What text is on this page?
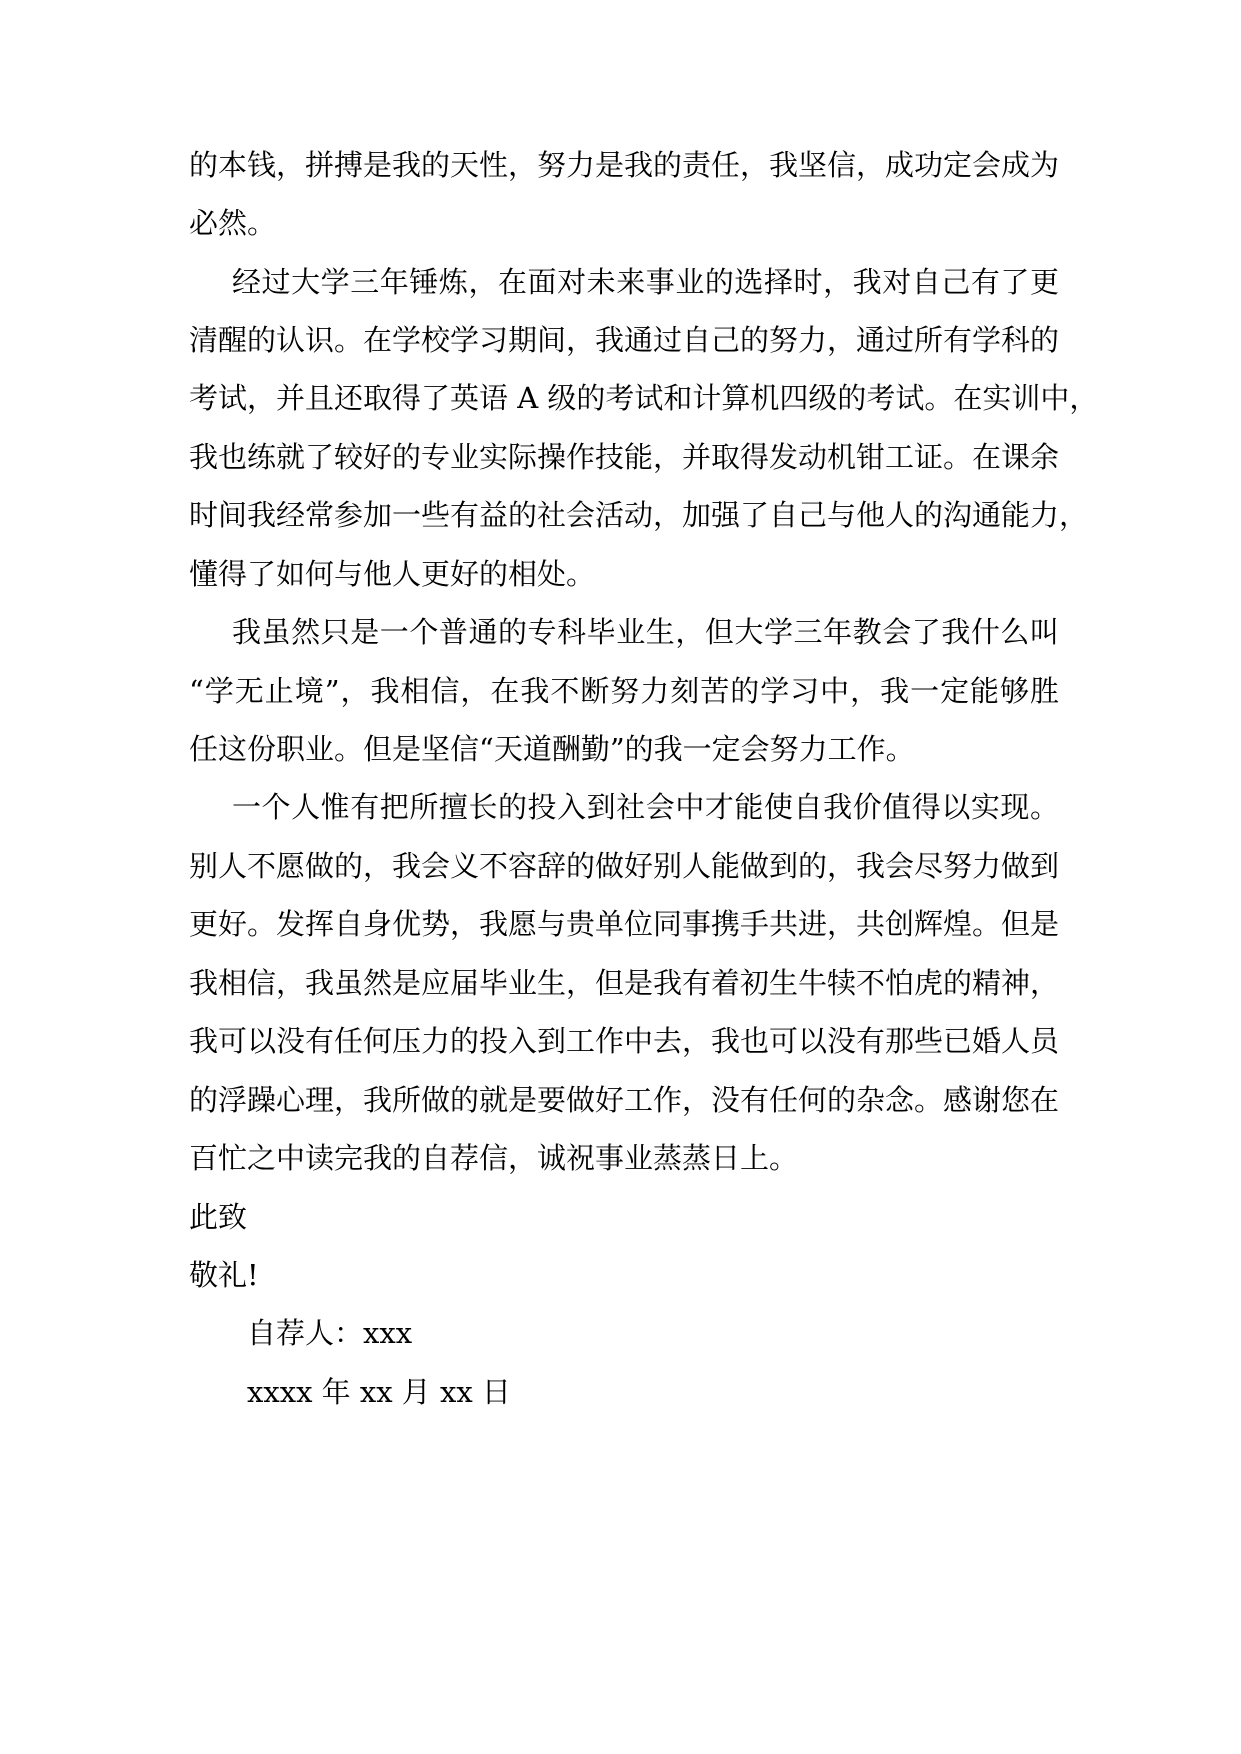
的本钱，拼搏是我的天性，努力是我的责任，我坚信，成功定会成为
必然。
经过大学三年锤炼，在面对未来事业的选择时，我对自己有了更
清醒的认识。在学校学习期间，我通过自己的努力，通过所有学科的
考试，并且还取得了英语 A 级的考试和计算机四级的考试。在实训中，
我也练就了较好的专业实际操作技能，并取得发动机钳工证。在课余
时间我经常参加一些有益的社会活动，加强了自己与他人的沟通能力，
懂得了如何与他人更好的相处。
我虽然只是一个普通的专科毕业生，但大学三年教会了我什么叫
“学无止境”，我相信，在我不断努力刻苦的学习中，我一定能够胜
任这份职业。但是坚信“天道酬勤”的我一定会努力工作。
一个人惟有把所擅长的投入到社会中才能使自我价值得以实现。
别人不愿做的，我会义不容辞的做好别人能做到的，我会尽努力做到
更好。发挥自身优势，我愿与贵单位同事携手共进，共创辉煌。但是
我相信，我虽然是应届毕业生，但是我有着初生牛犊不怕虎的精神，
我可以没有任何压力的投入到工作中去，我也可以没有那些已婚人员
的浮躁心理，我所做的就是要做好工作，没有任何的杂念。感谢您在
百忙之中读完我的自荐信，诚祝事业蒸蒸日上。
此致
敬礼!
自荐人：xxx
xxxx 年 xx 月 xx 日
